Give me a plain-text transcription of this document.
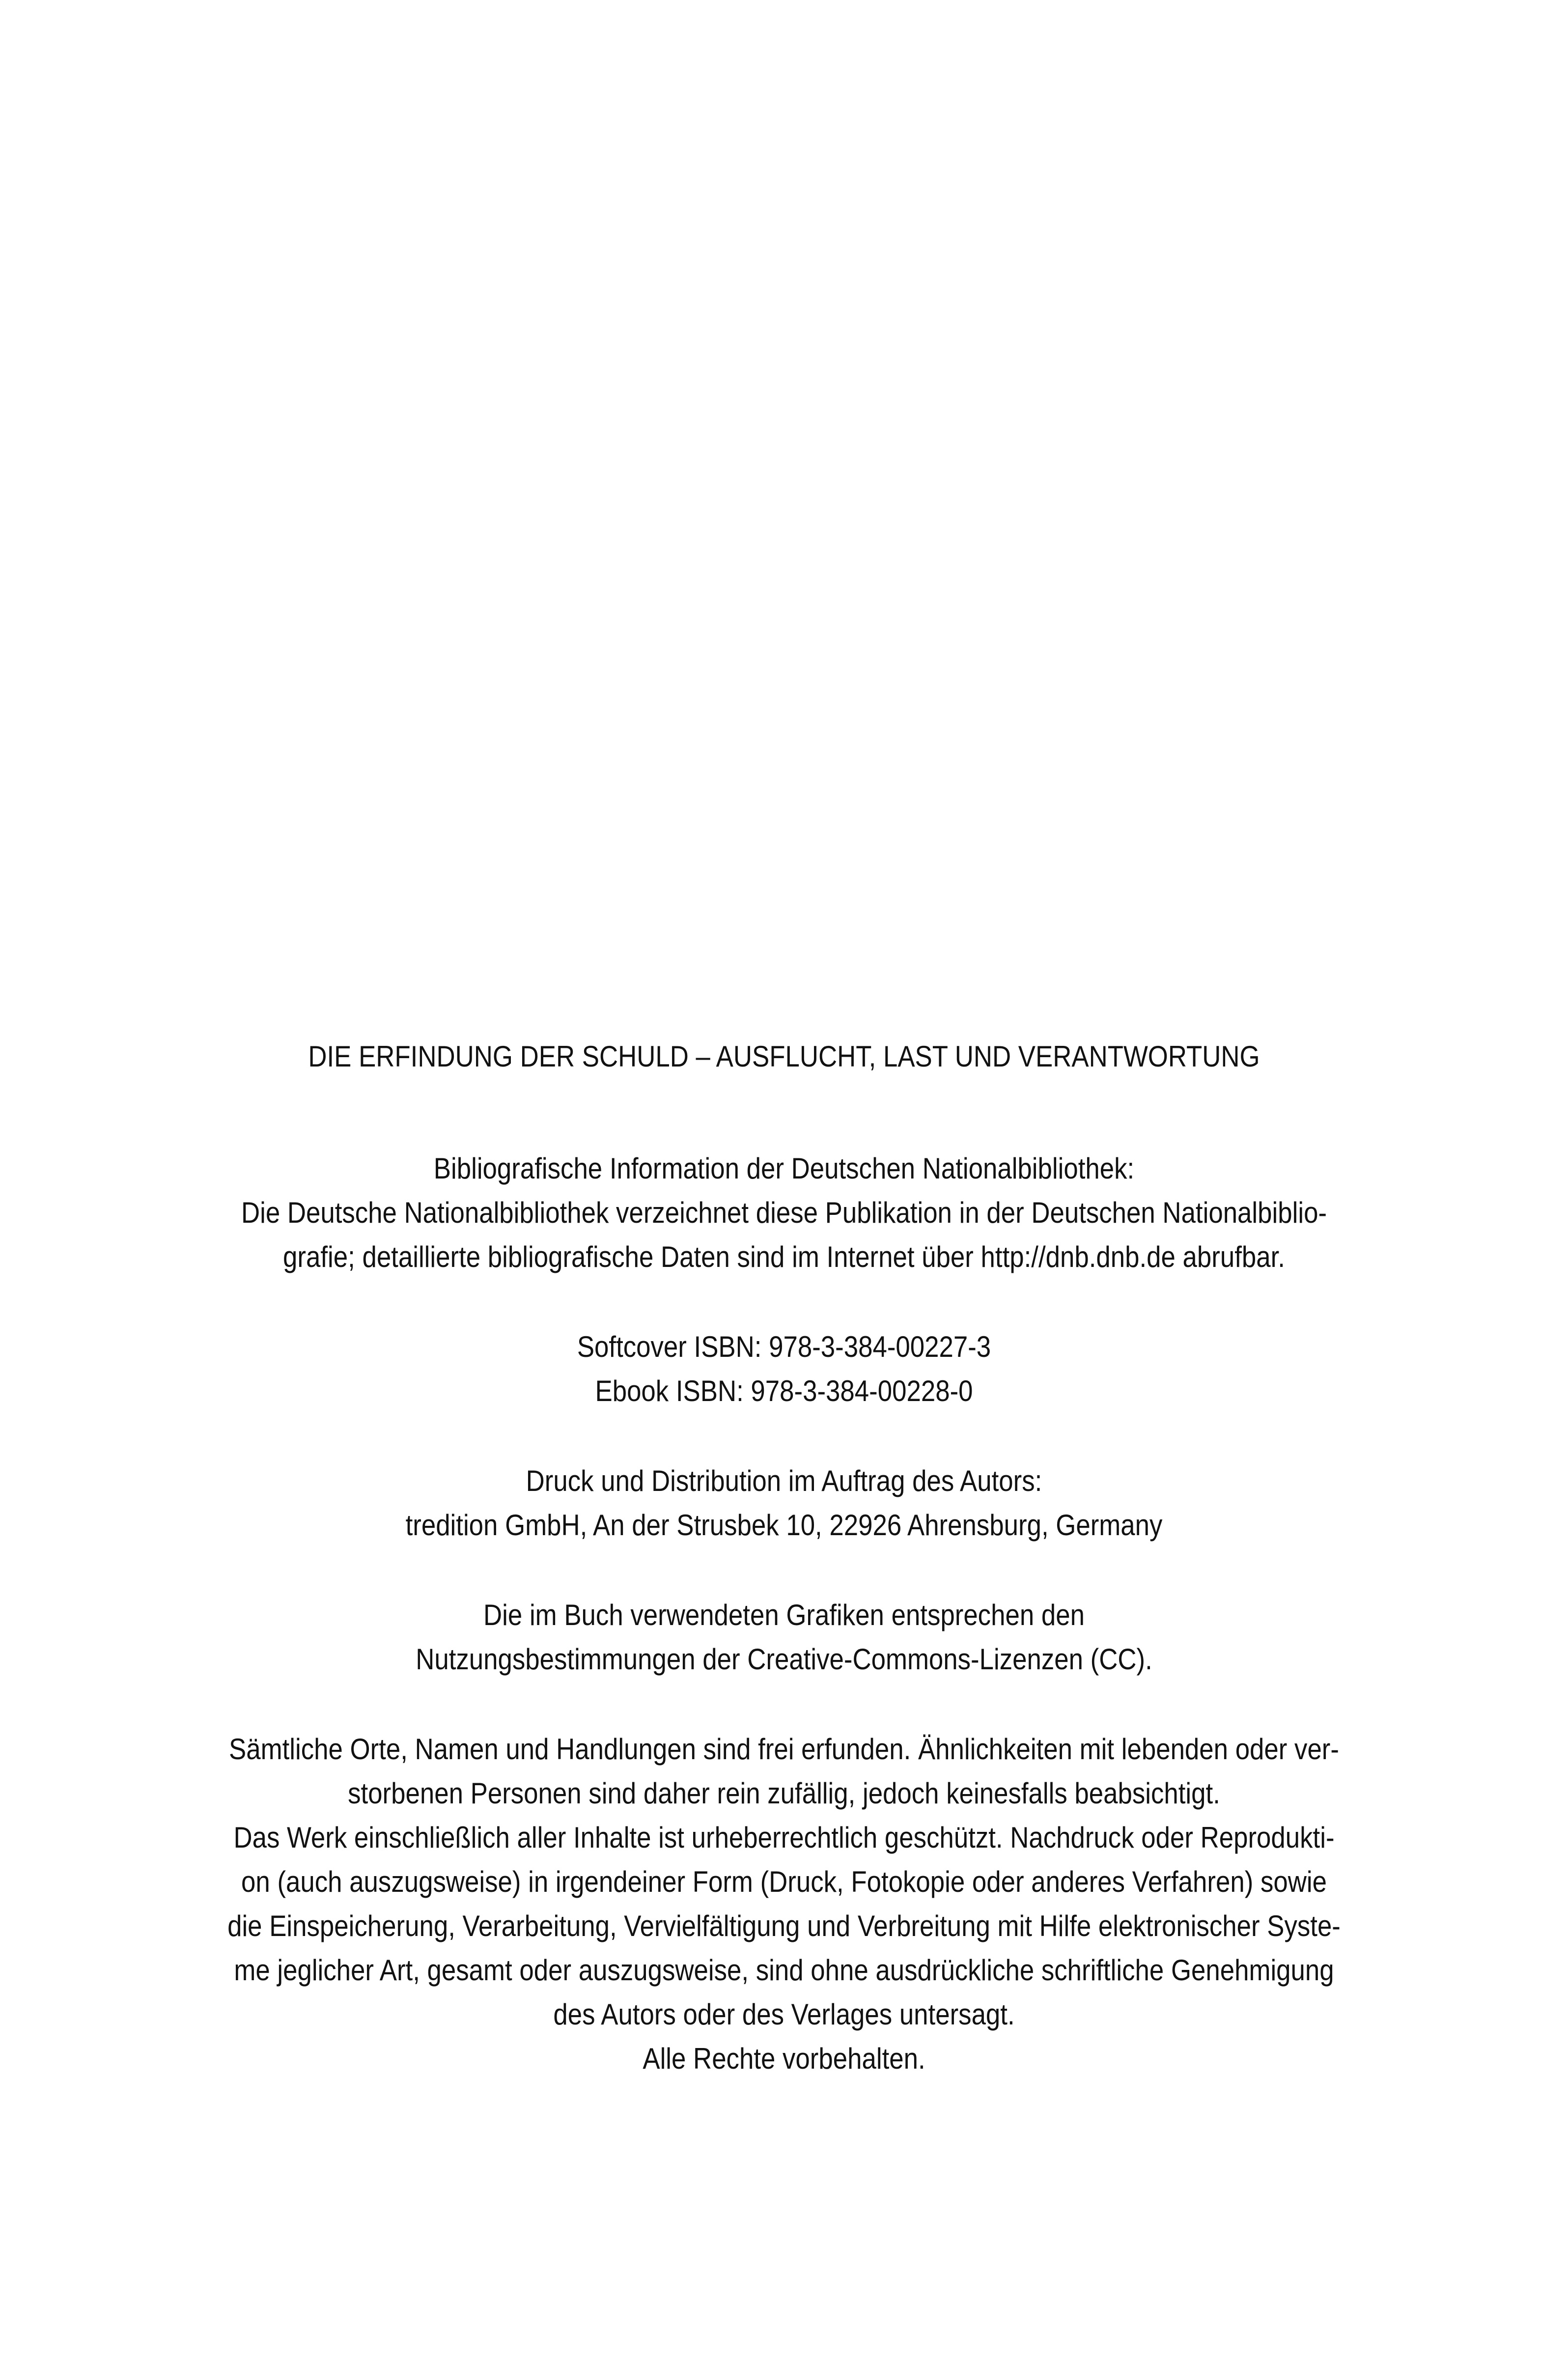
DIE ERFINDUNG DER SCHULD – AUSFLUCHT, LAST UND VERANTWORTUNG
Bibliografische Information der Deutschen Nationalbibliothek:
Die Deutsche Nationalbibliothek verzeichnet diese Publikation in der Deutschen Nationalbiblio-
grafie; detaillierte bibliografische Daten sind im Internet über http://dnb.dnb.de abrufbar.
Softcover ISBN: 978-3-384-00227-3
Ebook ISBN: 978-3-384-00228-0
Druck und Distribution im Auftrag des Autors:
tredition GmbH, An der Strusbek 10, 22926 Ahrensburg, Germany
Die im Buch verwendeten Grafiken entsprechen den
Nutzungsbestimmungen der Creative-Commons-Lizenzen (CC).
Sämtliche Orte, Namen und Handlungen sind frei erfunden. Ähnlichkeiten mit lebenden oder ver-
storbenen Personen sind daher rein zufällig, jedoch keinesfalls beabsichtigt.
Das Werk einschließlich aller Inhalte ist urheberrechtlich geschützt. Nachdruck oder Reprodukti-
on (auch auszugsweise) in irgendeiner Form (Druck, Fotokopie oder anderes Verfahren) sowie
die Einspeicherung, Verarbeitung, Vervielfältigung und Verbreitung mit Hilfe elektronischer Syste-
me jeglicher Art, gesamt oder auszugsweise, sind ohne ausdrückliche schriftliche Genehmigung
des Autors oder des Verlages untersagt.
Alle Rechte vorbehalten.
